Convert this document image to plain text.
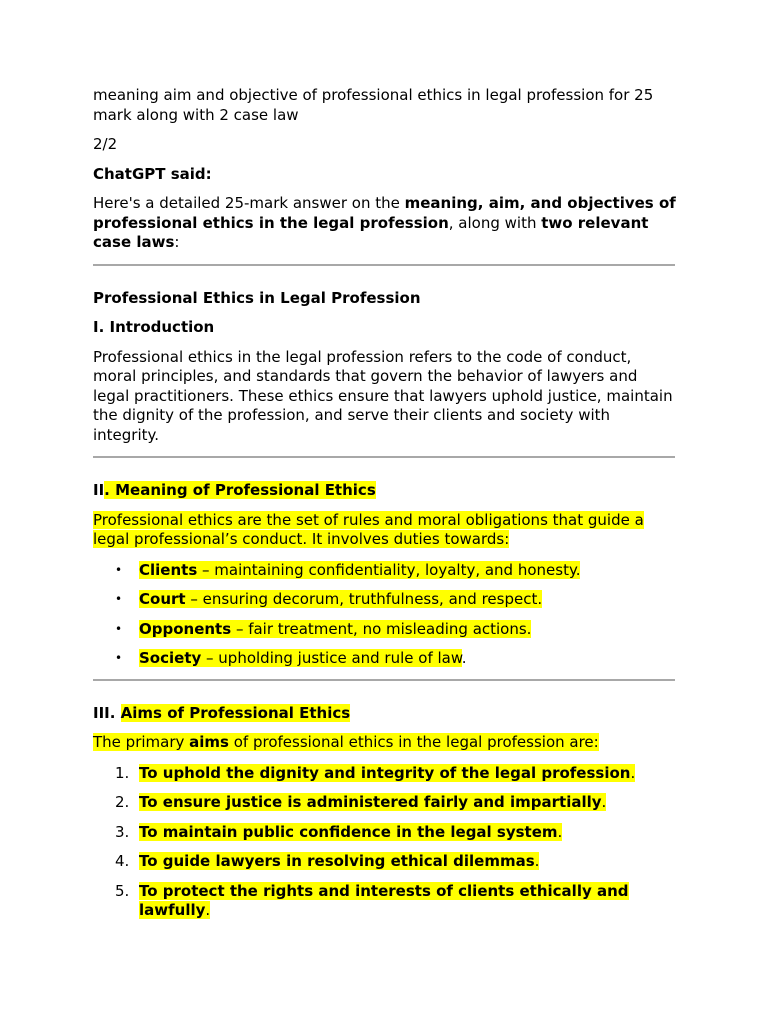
meaning aim and objective of professional ethics in legal profession for 25 mark along with 2 case law

2/2

ChatGPT said:

Here's a detailed 25-mark answer on the meaning, aim, and objectives of professional ethics in the legal profession, along with two relevant case laws:

Professional Ethics in Legal Profession

I. Introduction

Professional ethics in the legal profession refers to the code of conduct, moral principles, and standards that govern the behavior of lawyers and legal practitioners. These ethics ensure that lawyers uphold justice, maintain the dignity of the profession, and serve their clients and society with integrity.

II. Meaning of Professional Ethics

Professional ethics are the set of rules and moral obligations that guide a legal professional’s conduct. It involves duties towards:

• Clients – maintaining confidentiality, loyalty, and honesty.
• Court – ensuring decorum, truthfulness, and respect.
• Opponents – fair treatment, no misleading actions.
• Society – upholding justice and rule of law.

III. Aims of Professional Ethics

The primary aims of professional ethics in the legal profession are:

1. To uphold the dignity and integrity of the legal profession.
2. To ensure justice is administered fairly and impartially.
3. To maintain public confidence in the legal system.
4. To guide lawyers in resolving ethical dilemmas.
5. To protect the rights and interests of clients ethically and lawfully.
